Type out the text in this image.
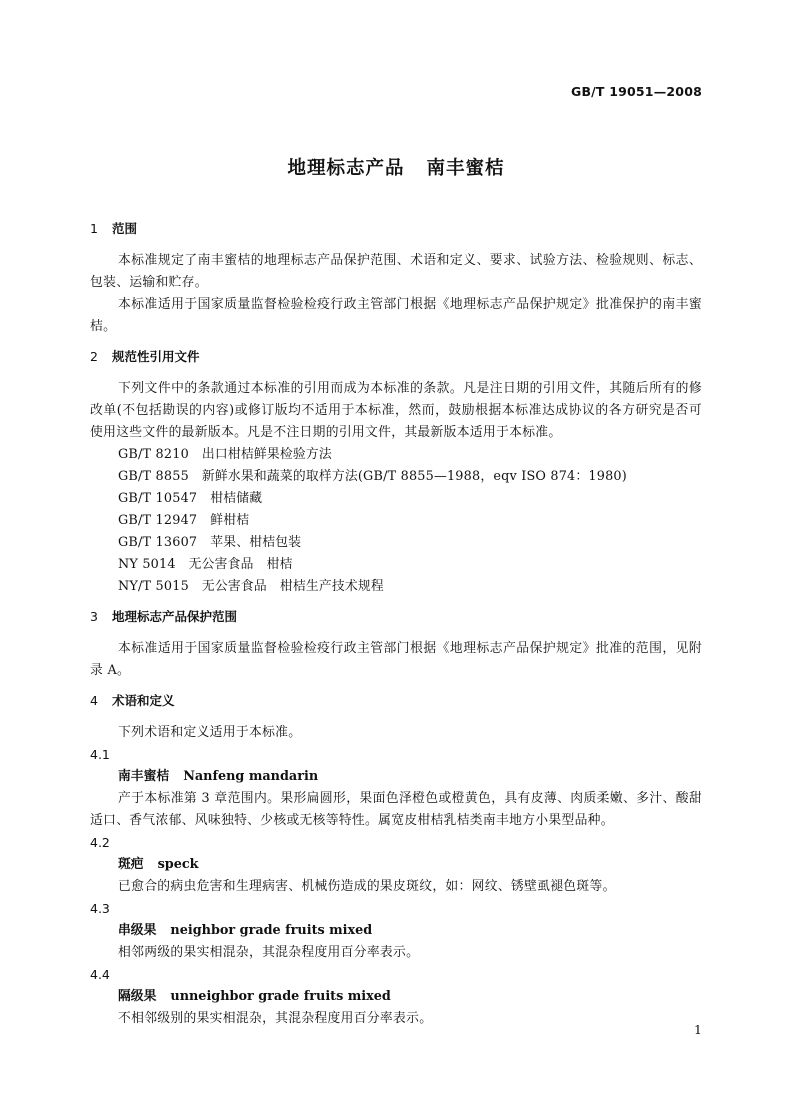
GB/T 19051—2008
地理标志产品 南丰蜜桔
1 范围

本标准规定了南丰蜜桔的地理标志产品保护范围、术语和定义、要求、试验方法、检验规则、标志、包装、运输和贮存。

本标准适用于国家质量监督检验检疫行政主管部门根据《地理标志产品保护规定》批准保护的南丰蜜桔。

2 规范性引用文件

下列文件中的条款通过本标准的引用而成为本标准的条款。凡是注日期的引用文件，其随后所有的修改单(不包括勘误的内容)或修订版均不适用于本标准，然而，鼓励根据本标准达成协议的各方研究是否可使用这些文件的最新版本。凡是不注日期的引用文件，其最新版本适用于本标准。

GB/T 8210　出口柑桔鲜果检验方法

GB/T 8855　新鲜水果和蔬菜的取样方法(GB/T 8855—1988，eqv ISO 874：1980)

GB/T 10547　柑桔储藏

GB/T 12947　鲜柑桔

GB/T 13607　苹果、柑桔包装

NY 5014　无公害食品　柑桔

NY/T 5015　无公害食品　柑桔生产技术规程

3 地理标志产品保护范围

本标准适用于国家质量监督检验检疫行政主管部门根据《地理标志产品保护规定》批准的范围，见附录 A。

4 术语和定义

下列术语和定义适用于本标准。

4.1

南丰蜜桔 Nanfeng mandarin

产于本标准第 3 章范围内。果形扁圆形，果面色泽橙色或橙黄色，具有皮薄、肉质柔嫩、多汁、酸甜适口、香气浓郁、风味独特、少核或无核等特性。属宽皮柑桔乳桔类南丰地方小果型品种。

4.2

斑疤 speck

已愈合的病虫危害和生理病害、机械伤造成的果皮斑纹，如：网纹、锈壁虱褪色斑等。

4.3

串级果 neighbor grade fruits mixed

相邻两级的果实相混杂，其混杂程度用百分率表示。

4.4

隔级果 unneighbor grade fruits mixed

不相邻级别的果实相混杂，其混杂程度用百分率表示。

1
